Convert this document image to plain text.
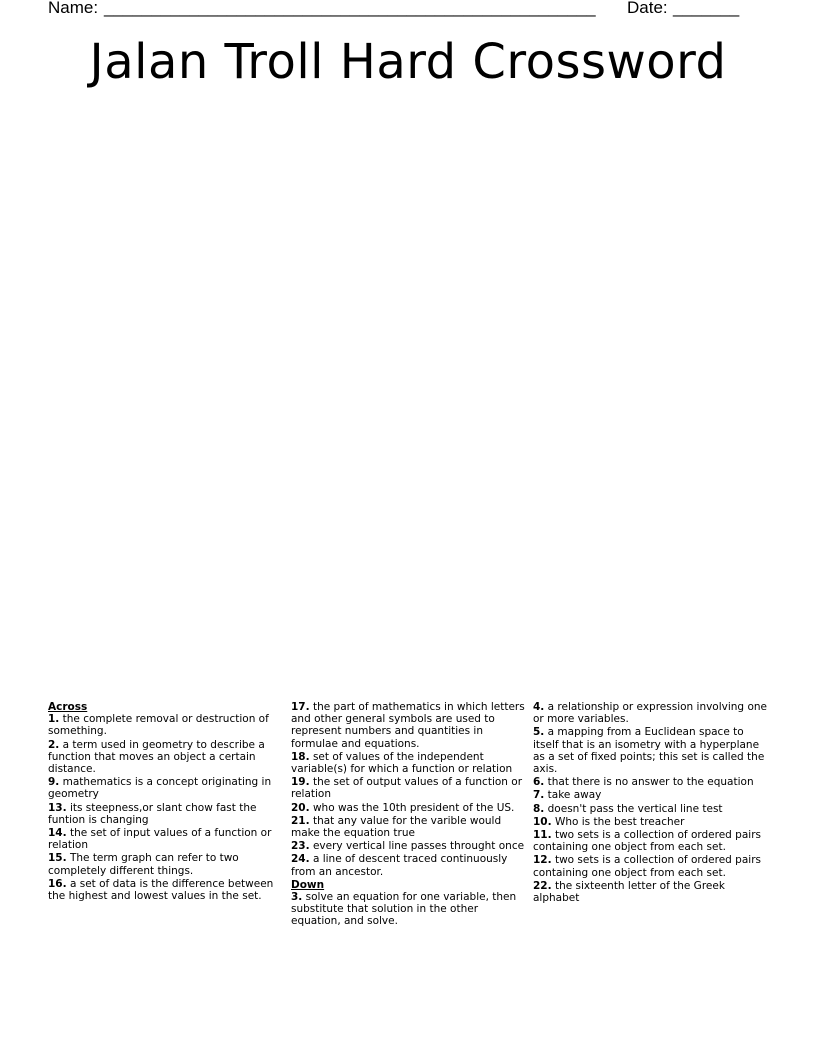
Name: ____________________________________________________ Date: _______
Jalan Troll Hard Crossword
Across
1. the complete removal or destruction of something.
2. a term used in geometry to describe a function that moves an object a certain distance.
9. mathematics is a concept originating in geometry
13. its steepness,or slant chow fast the funtion is changing
14. the set of input values of a function or relation
15. The term graph can refer to two completely different things.
16. a set of data is the difference between the highest and lowest values in the set.
17. the part of mathematics in which letters and other general symbols are used to represent numbers and quantities in formulae and equations.
18. set of values of the independent variable(s) for which a function or relation
19. the set of output values of a function or relation
20. who was the 10th president of the US.
21. that any value for the varible would make the equation true
23. every vertical line passes throught once
24. a line of descent traced continuously from an ancestor.
Down
3. solve an equation for one variable, then substitute that solution in the other equation, and solve.
4. a relationship or expression involving one or more variables.
5. a mapping from a Euclidean space to itself that is an isometry with a hyperplane as a set of fixed points; this set is called the axis.
6. that there is no answer to the equation
7. take away
8. doesn't pass the vertical line test
10. Who is the best treacher
11. two sets is a collection of ordered pairs containing one object from each set.
12. two sets is a collection of ordered pairs containing one object from each set.
22. the sixteenth letter of the Greek alphabet
